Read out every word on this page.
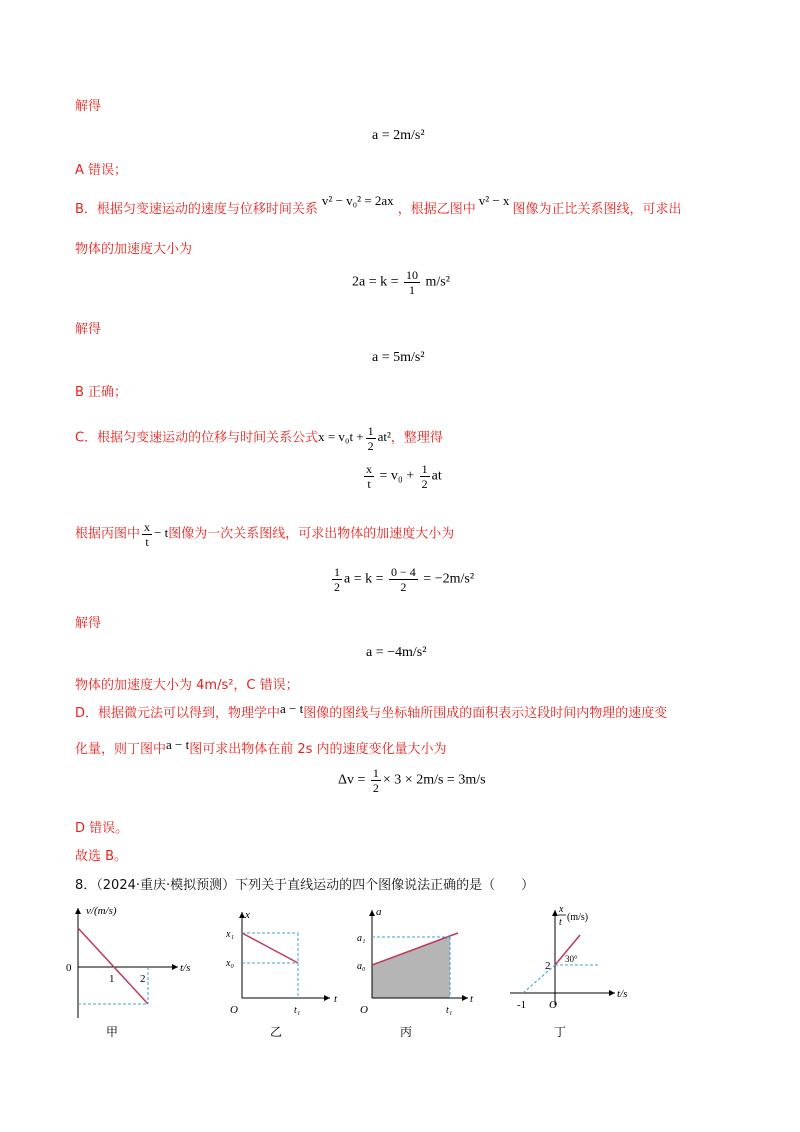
解得
a = 2m/s²
A 错误；
B．根据匀变速运动的速度与位移时间关系v² − v₀² = 2ax，根据乙图中v² − x图像为正比关系图线，可求出
物体的加速度大小为
$2a = k = \frac{10}{1} m/s^2$
解得
a = 5m/s²
B 正确；
C．根据匀变速运动的位移与时间关系公式$x = v_0t + \frac{1}{2} at^2$，整理得
$\frac{x}{t} = v_0 + \frac{1}{2}$ at
根据丙图中 $\frac{x}{t} - t$图像为一次关系图线，可求出物体的加速度大小为
$\frac{1}{2}$ $a = k = \frac{0 - 4}{2} = -2m/s^2$
解得
a = −4m/s²
物体的加速度大小为 4m/s²，C 错误；
D．根据微元法可以得到，物理学中a − t图像的图线与坐标轴所围成的面积表示这段时间内物理的速度变
化量，则丁图中a − t图可求出物体在前 2s 内的速度变化量大小为
$\Delta v = \frac{1}{2} \times 3 \times 2m/s = 3m/s$
D 错误。
故选 B。
8．（2024·重庆·模拟预测）下列关于直线运动的四个图像说法正确的是（　　）
v/(m/s)
t/s
0
1 2
甲
x
t
O
x₁
x₀
t₁
乙
a
t
O
a₁
a₀
t₁
丙
x
t (m/s)
t/s
O
-1
2
30°
丁
